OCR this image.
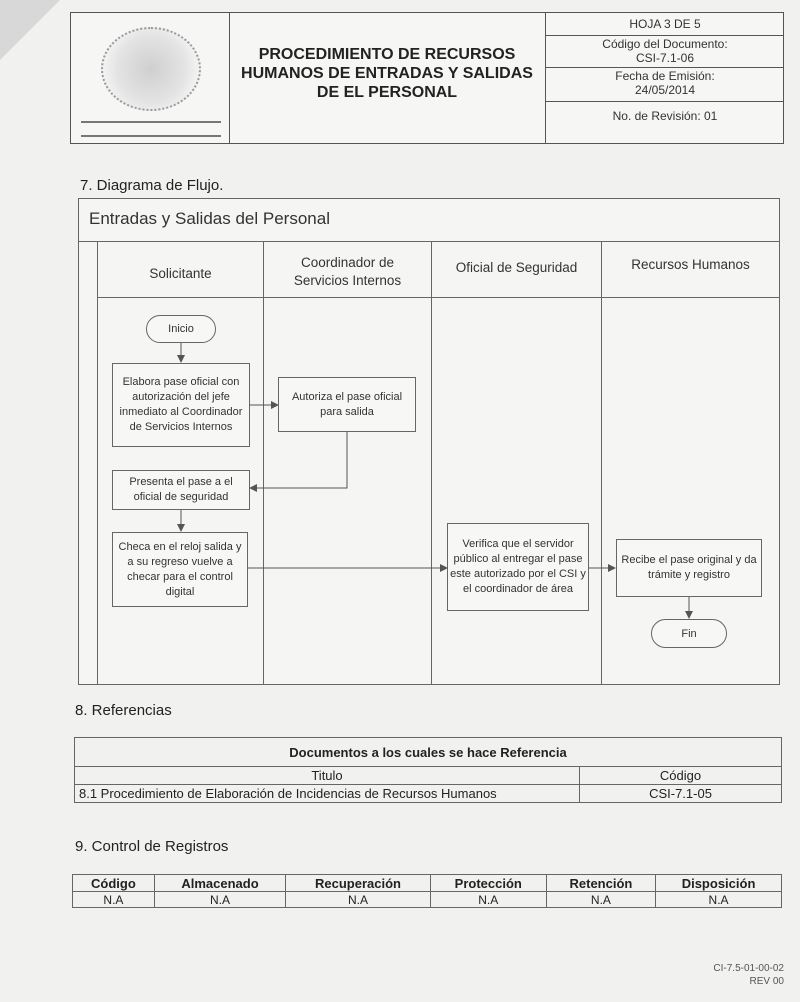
PROCEDIMIENTO DE RECURSOS
HUMANOS DE ENTRADAS Y SALIDAS
DE EL PERSONAL
HOJA 3 DE 5
Código del Documento:
CSI-7.1-06
Fecha de Emisión:
24/05/2014
No. de Revisión: 01
7. Diagrama de Flujo.
Entradas y Salidas del Personal
Solicitante
Coordinador de
Servicios Internos
Oficial de Seguridad	Recursos Humanos
Inicio
Elabora pase oficial con autorización del jefe inmediato al Coordinador de Servicios Internos
Autoriza el pase oficial para salida
Presenta el pase a el oficial de seguridad
Checa en el reloj salida y a su regreso vuelve a checar para el control digital
Verifica que el servidor público al entregar el pase este autorizado por el CSI y el coordinador de área
Recibe el pase original y da trámite y registro
Fin
8. Referencias
Documentos a los cuales se hace Referencia	
Titulo	Código
8.1 Procedimiento de Elaboración de Incidencias de Recursos Humanos	CSI-7.1-05
9. Control de Registros
Código	Almacenado	Recuperación	Protección	Retención	Disposición
N.A	N.A	N.A	N.A	N.A	N.A
CI-7.5-01-00-02
REV 00
